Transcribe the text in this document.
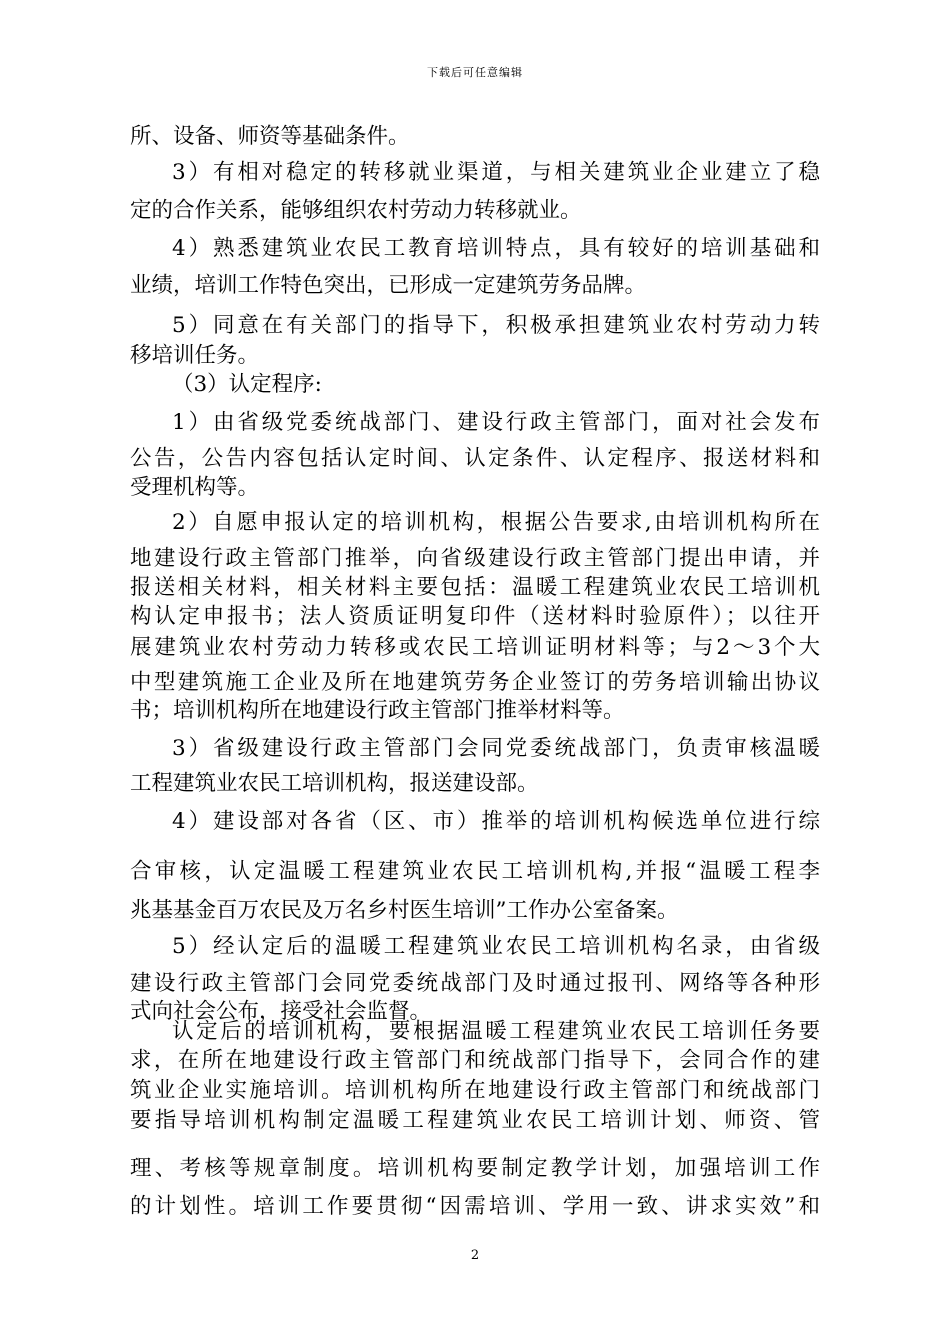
下载后可任意编辑
所、设备、师资等基础条件。
3）有相对稳定的转移就业渠道，与相关建筑业企业建立了稳
定的合作关系，能够组织农村劳动力转移就业。
4）熟悉建筑业农民工教育培训特点，具有较好的培训基础和
业绩，培训工作特色突出，已形成一定建筑劳务品牌。
5）同意在有关部门的指导下，积极承担建筑业农村劳动力转
移培训任务。
（3）认定程序:
1）由省级党委统战部门、建设行政主管部门，面对社会发布
公告，公告内容包括认定时间、认定条件、认定程序、报送材料和
受理机构等。
2）自愿申报认定的培训机构，根据公告要求,由培训机构所在
地建设行政主管部门推举，向省级建设行政主管部门提出申请，并
报送相关材料，相关材料主要包括：温暖工程建筑业农民工培训机
构认定申报书；法人资质证明复印件（送材料时验原件）；以往开
展建筑业农村劳动力转移或农民工培训证明材料等；与2～3个大
中型建筑施工企业及所在地建筑劳务企业签订的劳务培训输出协议
书；培训机构所在地建设行政主管部门推举材料等。
3）省级建设行政主管部门会同党委统战部门，负责审核温暖
工程建筑业农民工培训机构，报送建设部。
4）建设部对各省（区、市）推举的培训机构候选单位进行综
合审核，认定温暖工程建筑业农民工培训机构,并报“温暖工程李
兆基基金百万农民及万名乡村医生培训”工作办公室备案。
5）经认定后的温暖工程建筑业农民工培训机构名录，由省级
建设行政主管部门会同党委统战部门及时通过报刊、网络等各种形
式向社会公布，接受社会监督。
认定后的培训机构，要根据温暖工程建筑业农民工培训任务要
求，在所在地建设行政主管部门和统战部门指导下，会同合作的建
筑业企业实施培训。培训机构所在地建设行政主管部门和统战部门
要指导培训机构制定温暖工程建筑业农民工培训计划、师资、管
理、考核等规章制度。培训机构要制定教学计划，加强培训工作
的计划性。培训工作要贯彻“因需培训、学用一致、讲求实效”和
2
